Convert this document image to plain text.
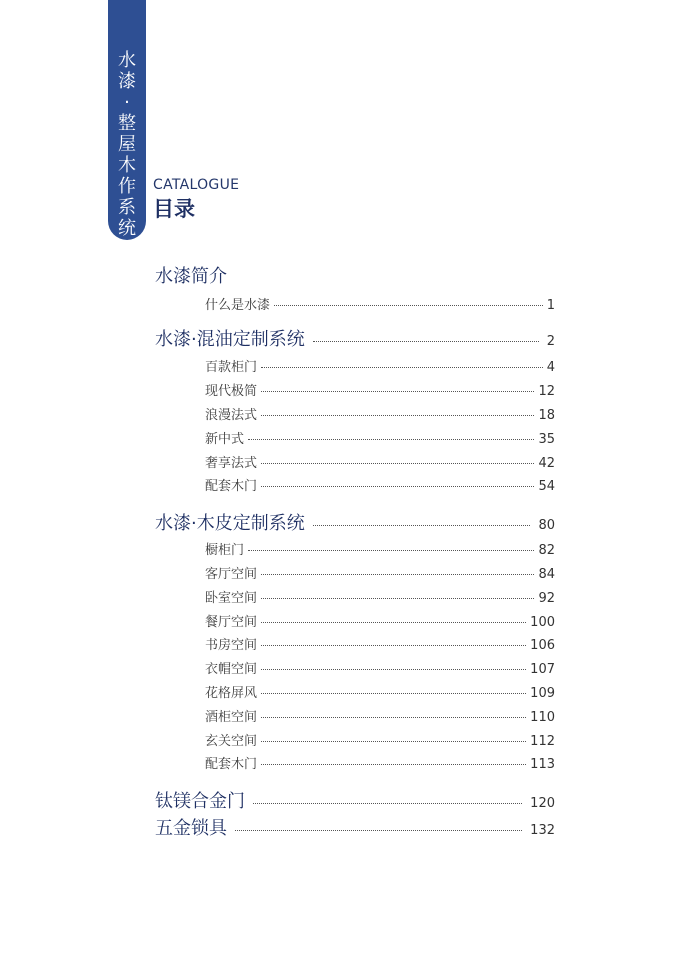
水
漆
·
整
屋
木
作
系
统
CATALOGUE
目录
水漆简介
什么是水漆	1
水漆·混油定制系统	2
百款柜门	4
现代极简	12
浪漫法式	18
新中式	35
奢享法式	42
配套木门	54
水漆·木皮定制系统	80
橱柜门	82
客厅空间	84
卧室空间	92
餐厅空间	100
书房空间	106
衣帽空间	107
花格屏风	109
酒柜空间	110
玄关空间	112
配套木门	113
钛镁合金门	120
五金锁具	132
